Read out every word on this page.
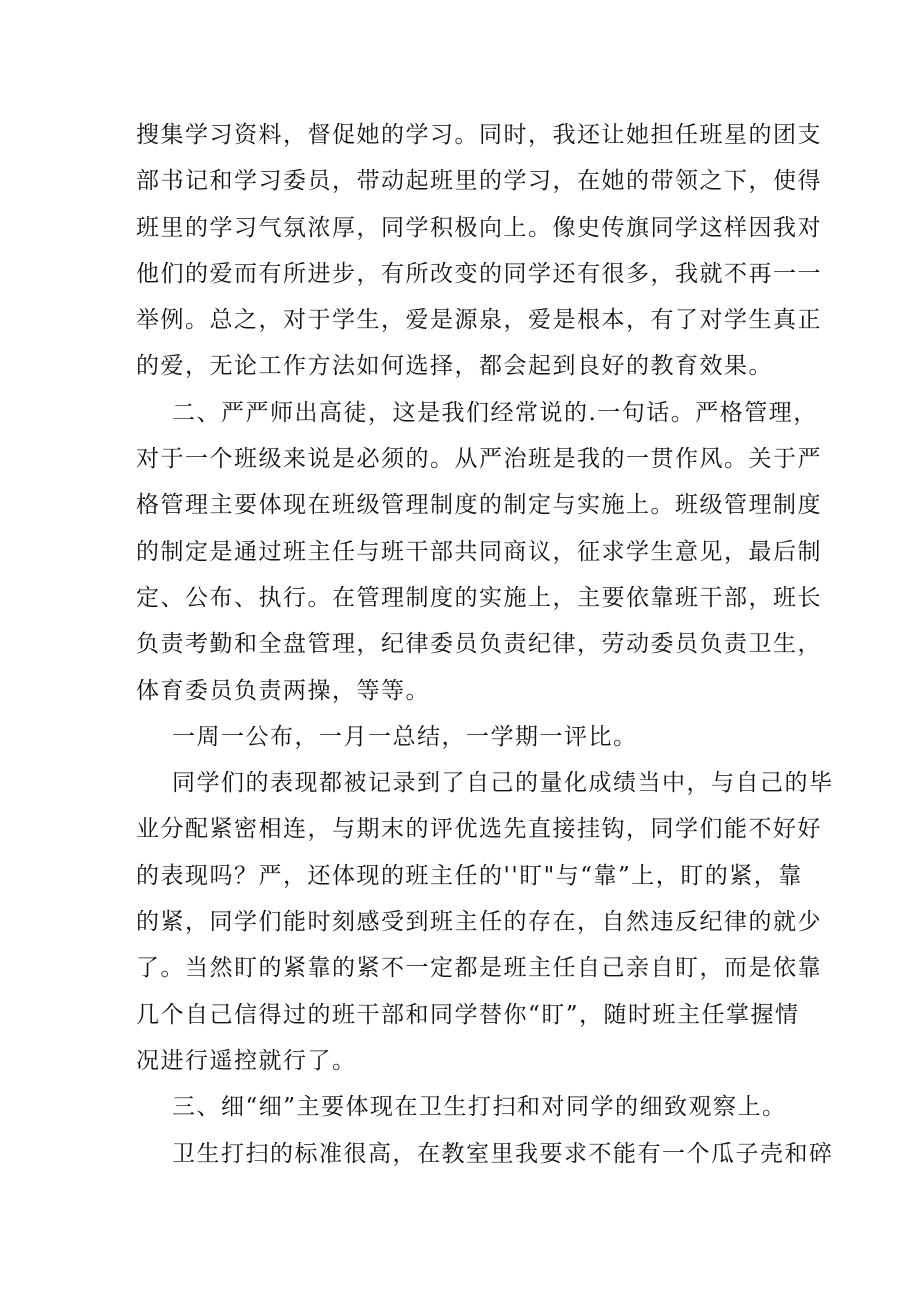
搜集学习资料，督促她的学习。同时，我还让她担任班星的团支
部书记和学习委员，带动起班里的学习，在她的带领之下，使得
班里的学习气氛浓厚，同学积极向上。像史传旗同学这样因我对
他们的爱而有所进步，有所改变的同学还有很多，我就不再一一
举例。总之，对于学生，爱是源泉，爱是根本，有了对学生真正
的爱，无论工作方法如何选择，都会起到良好的教育效果。
二、严严师出高徒，这是我们经常说的.一句话。严格管理，
对于一个班级来说是必须的。从严治班是我的一贯作风。关于严
格管理主要体现在班级管理制度的制定与实施上。班级管理制度
的制定是通过班主任与班干部共同商议，征求学生意见，最后制
定、公布、执行。在管理制度的实施上，主要依靠班干部，班长
负责考勤和全盘管理，纪律委员负责纪律，劳动委员负责卫生，
体育委员负责两操，等等。
一周一公布，一月一总结，一学期一评比。
同学们的表现都被记录到了自己的量化成绩当中，与自己的毕
业分配紧密相连，与期末的评优选先直接挂钩，同学们能不好好
的表现吗？严，还体现的班主任的''盯"与“靠”上，盯的紧，靠
的紧，同学们能时刻感受到班主任的存在，自然违反纪律的就少
了。当然盯的紧靠的紧不一定都是班主任自己亲自盯，而是依靠
几个自己信得过的班干部和同学替你“盯”，随时班主任掌握情
况进行遥控就行了。
三、细“细”主要体现在卫生打扫和对同学的细致观察上。
卫生打扫的标准很高，在教室里我要求不能有一个瓜子壳和碎
